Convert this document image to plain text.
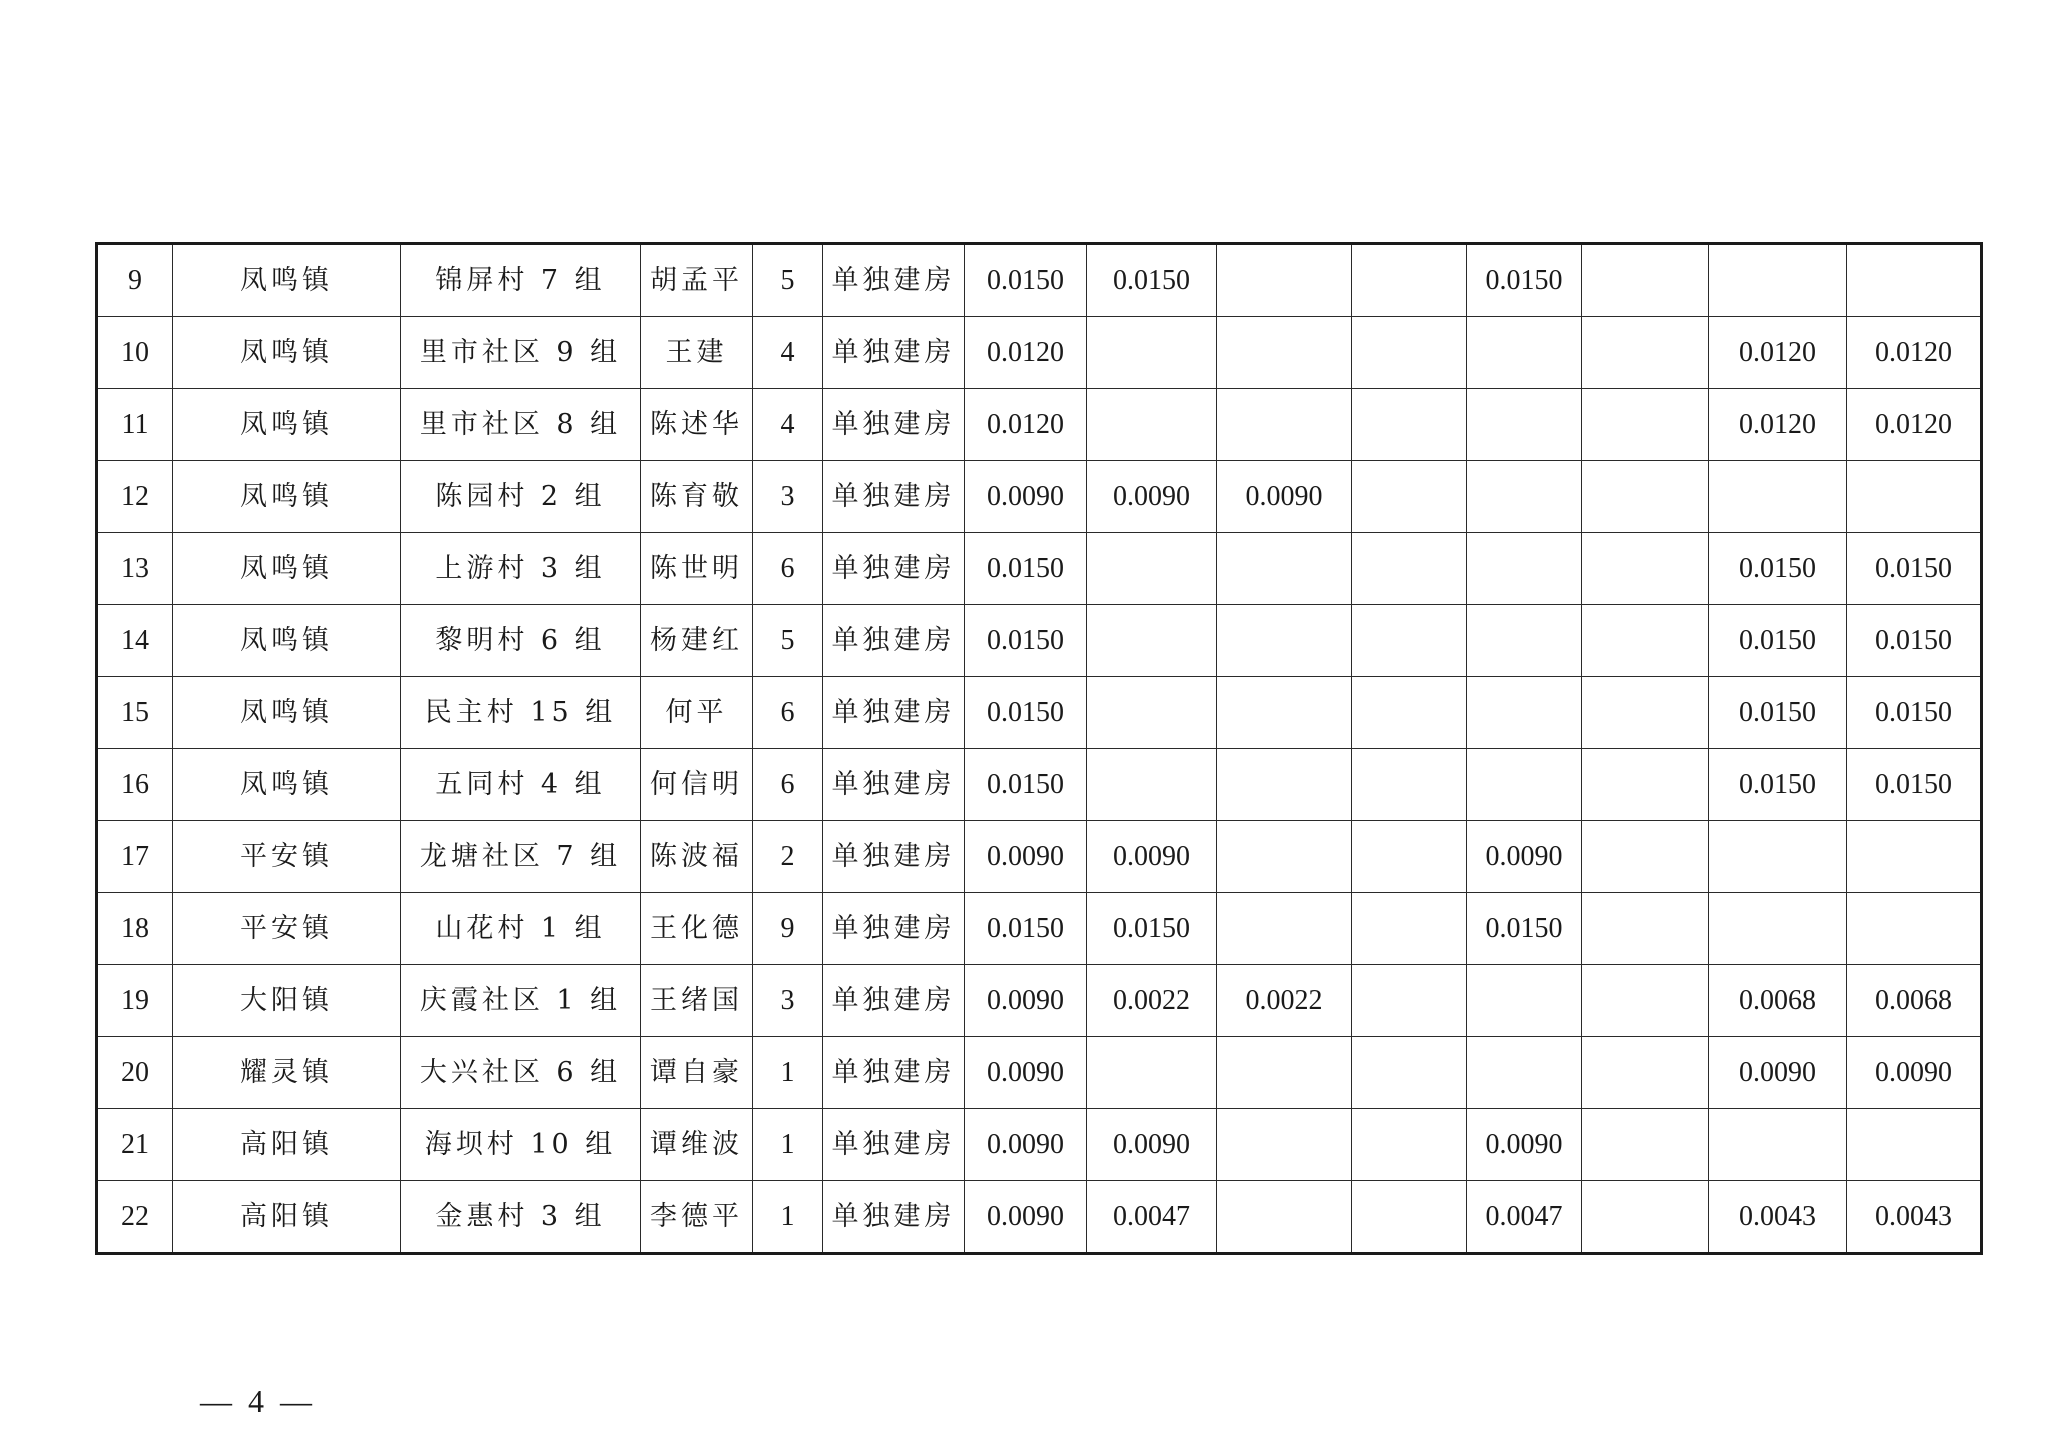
9	凤鸣镇	锦屏村 7 组	胡孟平	5	单独建房	0.0150	0.0150			0.0150			
10	凤鸣镇	里市社区 9 组	王建	4	单独建房	0.0120						0.0120	0.0120
11	凤鸣镇	里市社区 8 组	陈述华	4	单独建房	0.0120						0.0120	0.0120
12	凤鸣镇	陈园村 2 组	陈育敬	3	单独建房	0.0090	0.0090	0.0090					
13	凤鸣镇	上游村 3 组	陈世明	6	单独建房	0.0150						0.0150	0.0150
14	凤鸣镇	黎明村 6 组	杨建红	5	单独建房	0.0150						0.0150	0.0150
15	凤鸣镇	民主村 15 组	何平	6	单独建房	0.0150						0.0150	0.0150
16	凤鸣镇	五同村 4 组	何信明	6	单独建房	0.0150						0.0150	0.0150
17	平安镇	龙塘社区 7 组	陈波福	2	单独建房	0.0090	0.0090			0.0090			
18	平安镇	山花村 1 组	王化德	9	单独建房	0.0150	0.0150			0.0150			
19	大阳镇	庆霞社区 1 组	王绪国	3	单独建房	0.0090	0.0022	0.0022				0.0068	0.0068
20	耀灵镇	大兴社区 6 组	谭自豪	1	单独建房	0.0090						0.0090	0.0090
21	高阳镇	海坝村 10 组	谭维波	1	单独建房	0.0090	0.0090			0.0090			
22	高阳镇	金惠村 3 组	李德平	1	单独建房	0.0090	0.0047			0.0047		0.0043	0.0043
— 4 —
